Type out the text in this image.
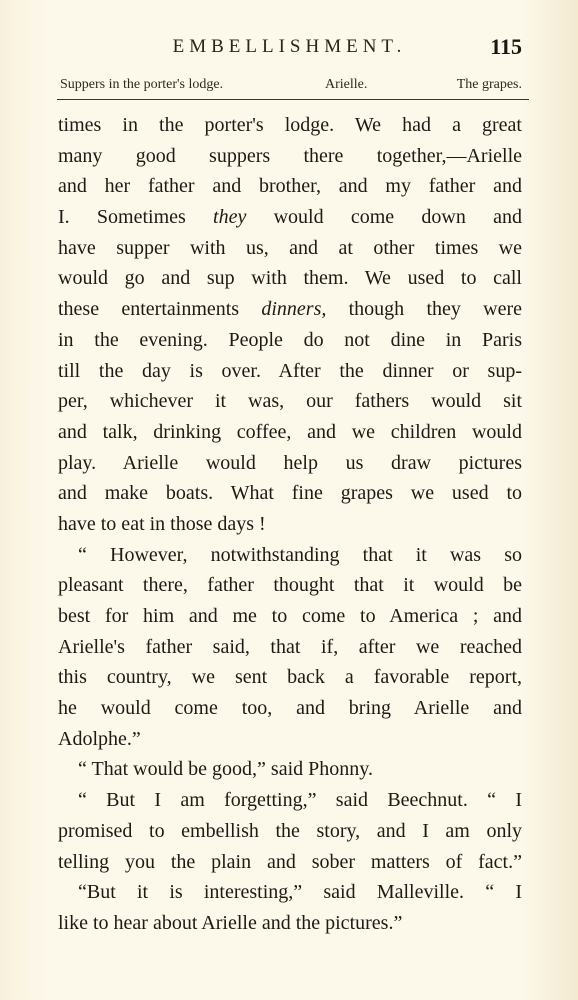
EMBELLISHMENT.	115
Suppers in the porter's lodge.	Arielle.	The grapes.
times in the porter's lodge. We had a great
many good suppers there together,—Arielle
and her father and brother, and my father and
I. Sometimes they would come down and
have supper with us, and at other times we
would go and sup with them. We used to call
these entertainments dinners, though they were
in the evening. People do not dine in Paris
till the day is over. After the dinner or sup-
per, whichever it was, our fathers would sit
and talk, drinking coffee, and we children would
play. Arielle would help us draw pictures
and make boats. What fine grapes we used to
have to eat in those days !
“ However, notwithstanding that it was so
pleasant there, father thought that it would be
best for him and me to come to America ; and
Arielle's father said, that if, after we reached
this country, we sent back a favorable report,
he would come too, and bring Arielle and
Adolphe.”
“ That would be good,” said Phonny.
“ But I am forgetting,” said Beechnut. “ I
promised to embellish the story, and I am only
telling you the plain and sober matters of fact.”
“But it is interesting,” said Malleville. “ I
like to hear about Arielle and the pictures.”
